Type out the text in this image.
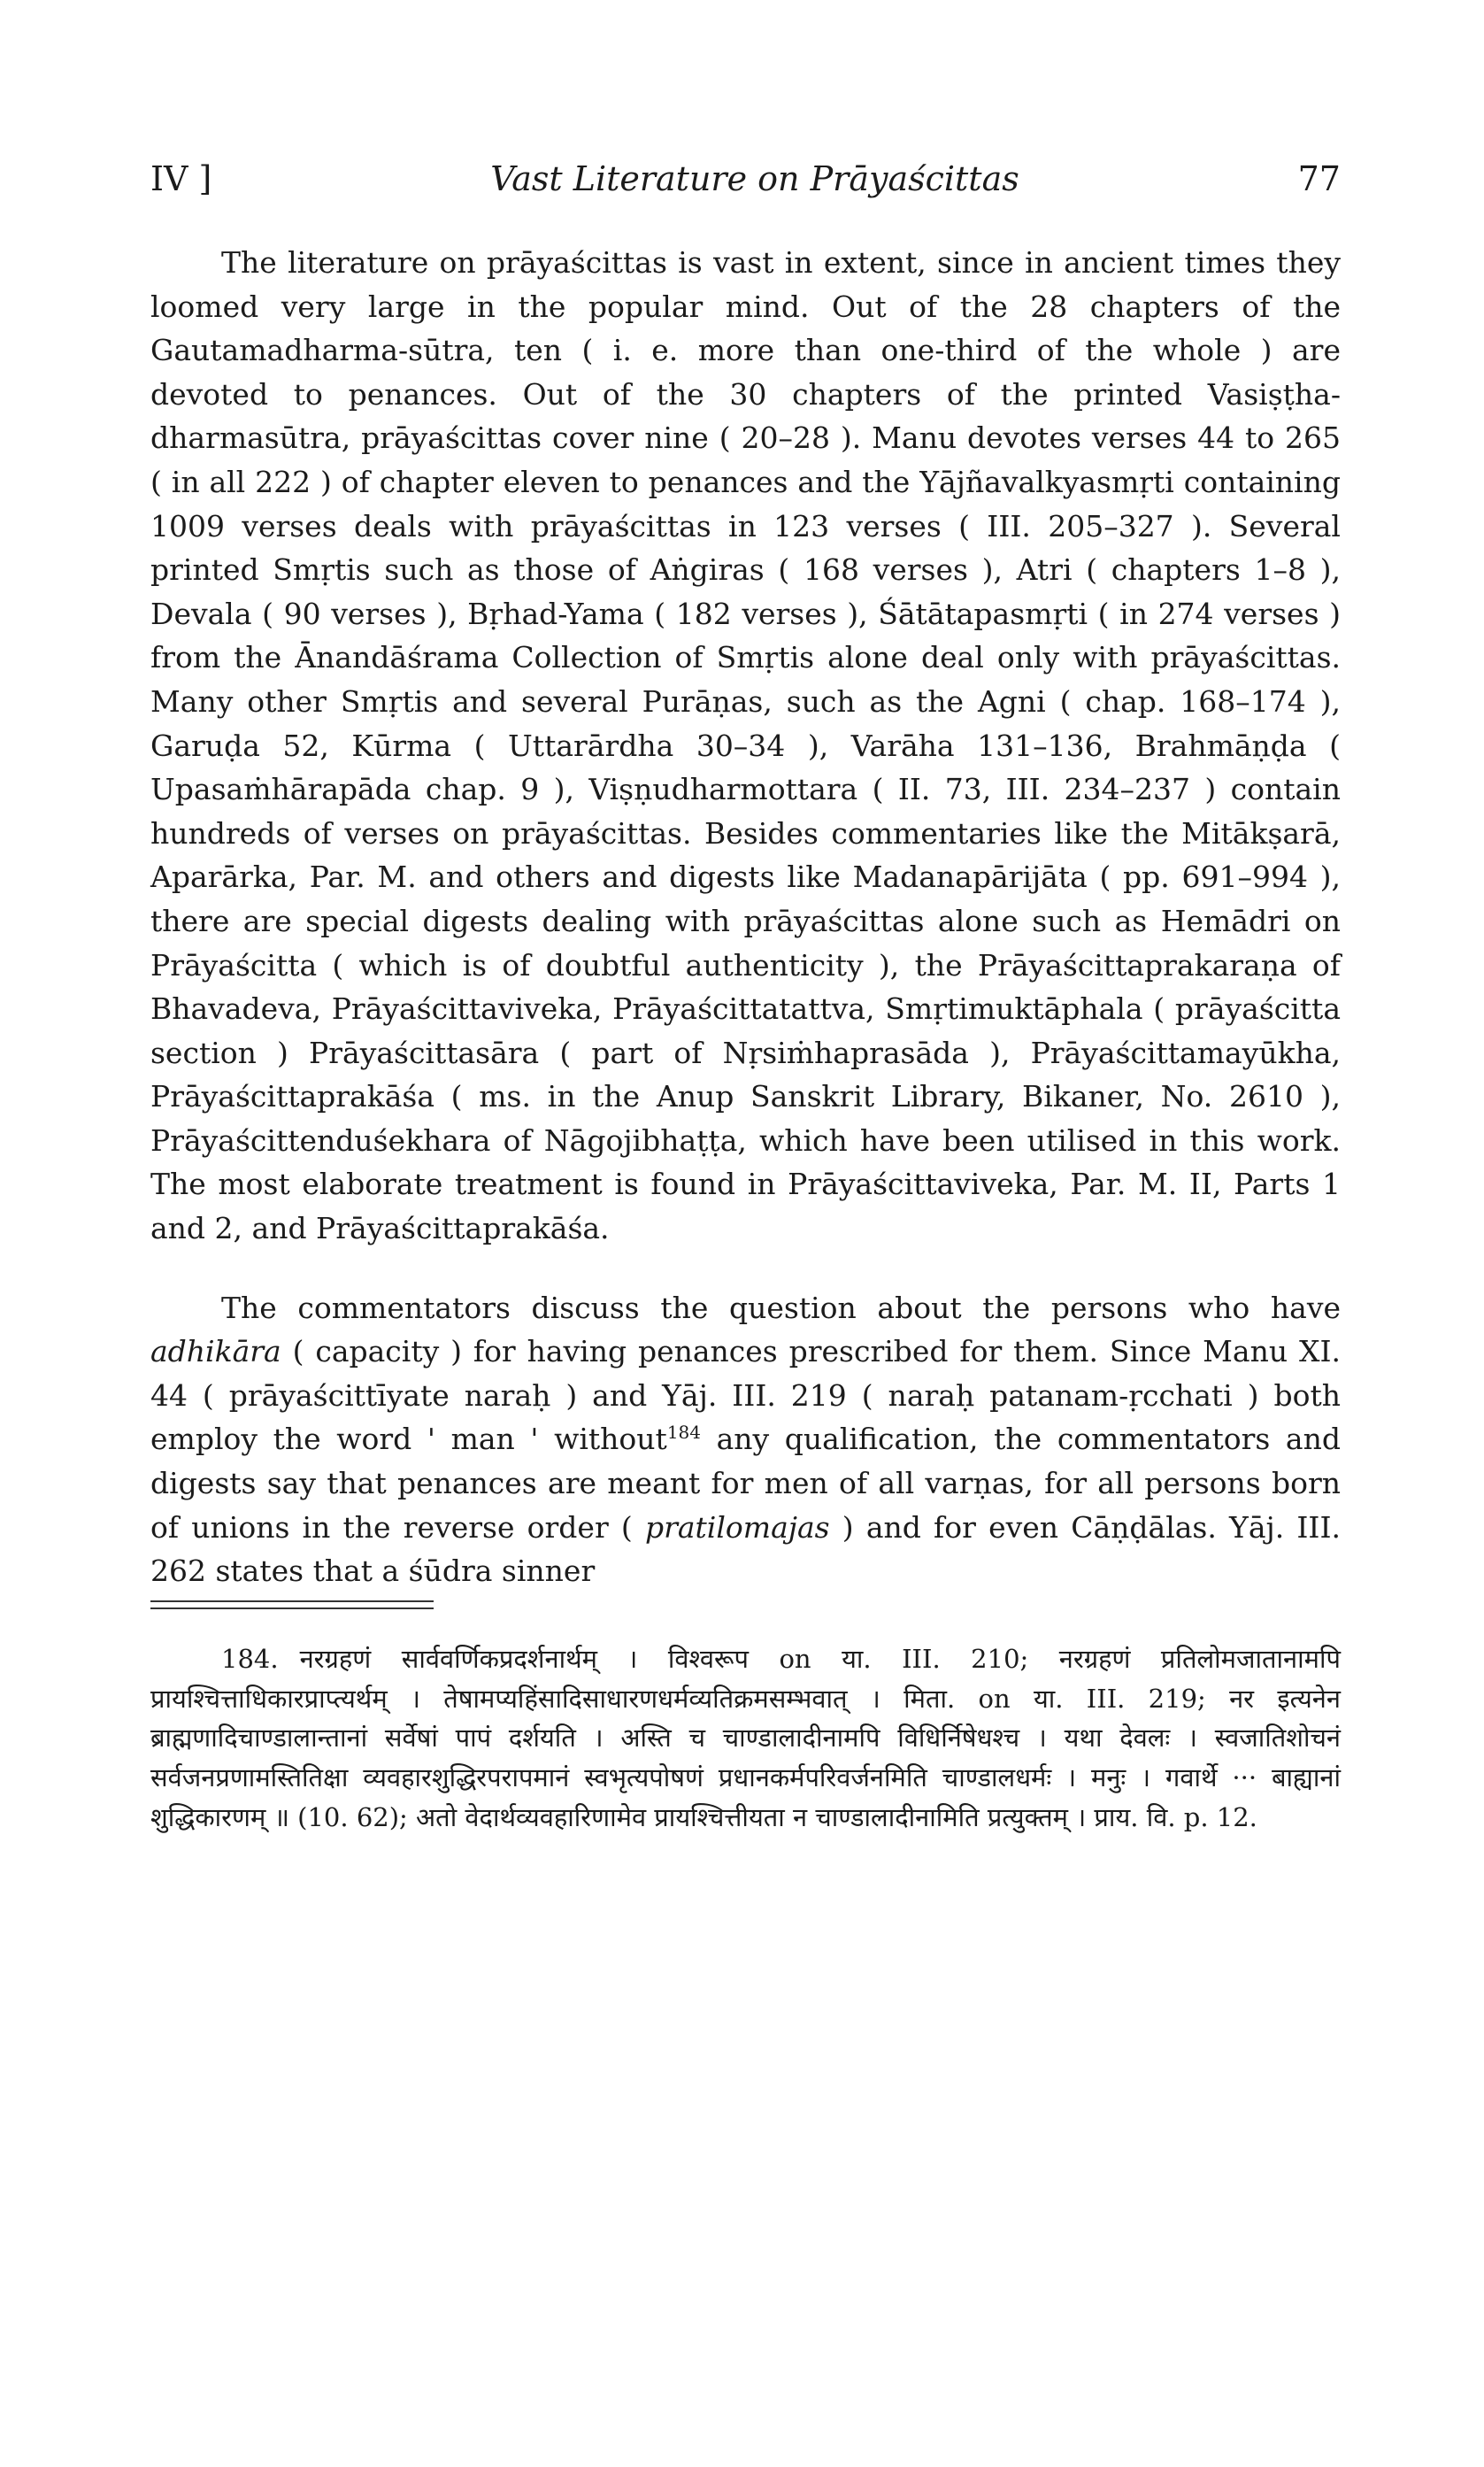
IV ]	Vast Literature on Prāyaścittas	77

The literature on prāyaścittas is vast in extent, since in ancient times they loomed very large in the popular mind. Out of the 28 chapters of the Gautamadharma-sūtra, ten ( i. e. more than one-third of the whole ) are devoted to penances. Out of the 30 chapters of the printed Vasiṣṭha-dharmasūtra, prāyaścittas cover nine ( 20–28 ). Manu devotes verses 44 to 265 ( in all 222 ) of chapter eleven to penances and the Yājñavalkyasmṛti containing 1009 verses deals with prāyaścittas in 123 verses ( III. 205–327 ). Several printed Smṛtis such as those of Aṅgiras ( 168 verses ), Atri ( chapters 1–8 ), Devala ( 90 verses ), Bṛhad-Yama ( 182 verses ), Śātātapasmṛti ( in 274 verses ) from the Ānandāśrama Collection of Smṛtis alone deal only with prāyaścittas. Many other Smṛtis and several Purāṇas, such as the Agni ( chap. 168–174 ), Garuḍa 52, Kūrma ( Uttarārdha 30–34 ), Varāha 131–136, Brahmāṇḍa ( Upasaṁhārapāda chap. 9 ), Viṣṇudharmottara ( II. 73, III. 234–237 ) contain hundreds of verses on prāyaścittas. Besides commentaries like the Mitākṣarā, Aparārka, Par. M. and others and digests like Madanapārijāta ( pp. 691–994 ), there are special digests dealing with prāyaścittas alone such as Hemādri on Prāyaścitta ( which is of doubtful authenticity ), the Prāyaścittaprakaraṇa of Bhavadeva, Prāyaścittaviveka, Prāyaścittatattva, Smṛtimuktāphala ( prāyaścitta section ) Prāyaścittasāra ( part of Nṛsiṁhaprasāda ), Prāyaścittamayūkha, Prāyaścittaprakāśa ( ms. in the Anup Sanskrit Library, Bikaner, No. 2610 ), Prāyaścittenduśekhara of Nāgojibhaṭṭa, which have been utilised in this work. The most elaborate treatment is found in Prāyaścittaviveka, Par. M. II, Parts 1 and 2, and Prāyaścittaprakāśa.

The commentators discuss the question about the persons who have adhikāra ( capacity ) for having penances prescribed for them. Since Manu XI. 44 ( prāyaścittīyate naraḥ ) and Yāj. III. 219 ( naraḥ patanam-ṛcchati ) both employ the word ' man ' without$^{184}$ any qualification, the commentators and digests say that penances are meant for men of all varṇas, for all persons born of unions in the reverse order ( pratilomajas ) and for even Cāṇḍālas. Yāj. III. 262 states that a śūdra sinner

184. नरग्रहणं सार्ववर्णिकप्रदर्शनार्थम् । विश्वरूप on या. III. 210; नरग्रहणं प्रतिलोमजातानामपि प्रायश्चित्ताधिकारप्राप्त्यर्थम् । तेषामप्यहिंसादिसाधारणधर्मव्यतिक्रमसम्भवात् । मिता. on या. III. 219; नर इत्यनेन ब्राह्मणादिचाण्डालान्तानां सर्वेषां पापं दर्शयति । अस्ति च चाण्डालादीनामपि विधिर्निषेधश्च । यथा देवलः । स्वजातिशोचनं सर्वजनप्रणामस्तितिक्षा व्यवहारशुद्धिरपरापमानं स्वभृत्यपोषणं प्रधानकर्मपरिवर्जनमिति चाण्डालधर्मः । मनुः । गवार्थे ··· बाह्यानां शुद्धिकारणम् ॥ (10. 62); अतो वेदार्थव्यवहारिणामेव प्रायश्चित्तीयता न चाण्डालादीनामिति प्रत्युक्तम् । प्राय. वि. p. 12.
